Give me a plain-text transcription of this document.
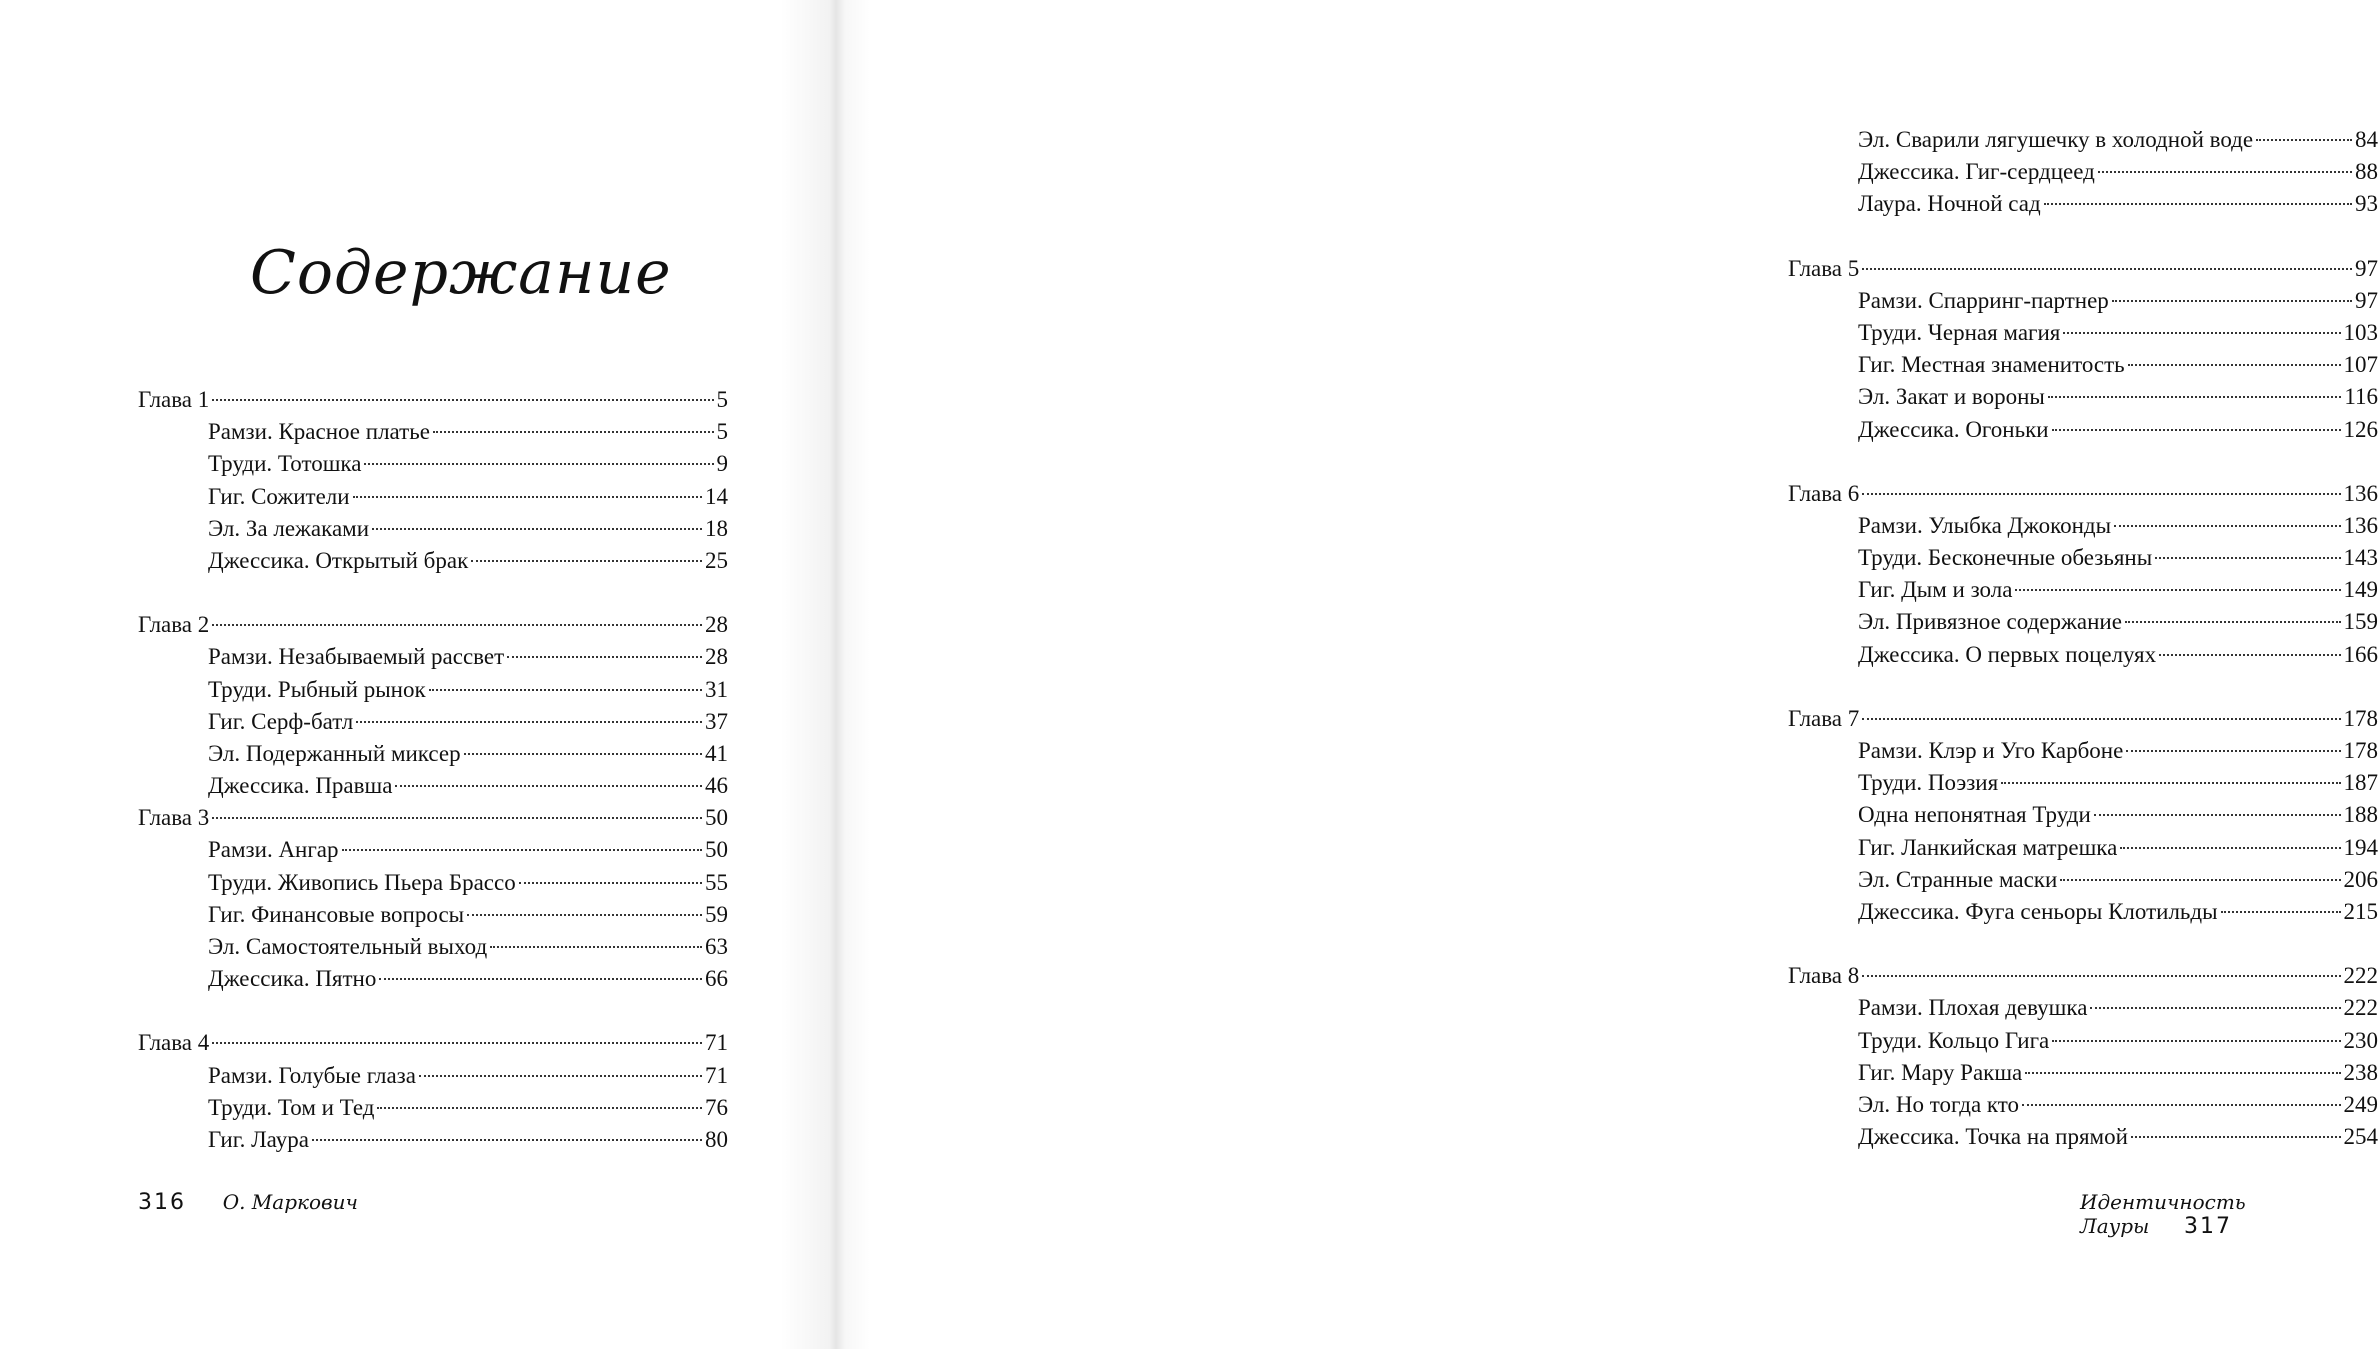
Содержание
Глава 1	5
Рамзи. Красное платье	5
Труди. Тотошка	9
Гиг. Сожители	14
Эл. За лежаками	18
Джессика. Открытый брак	25
Глава 2	28
Рамзи. Незабываемый рассвет	28
Труди. Рыбный рынок	31
Гиг. Серф-батл	37
Эл. Подержанный миксер	41
Джессика. Правша	46
Глава 3	50
Рамзи. Ангар	50
Труди. Живопись Пьера Брассо	55
Гиг. Финансовые вопросы	59
Эл. Самостоятельный выход	63
Джессика. Пятно	66
Глава 4	71
Рамзи. Голубые глаза	71
Труди. Том и Тед	76
Гиг. Лаура	80
316 О. Маркович
Эл. Сварили лягушечку в холодной воде	84
Джессика. Гиг-сердцеед	88
Лаура. Ночной сад	93
Глава 5	97
Рамзи. Спарринг-партнер	97
Труди. Черная магия	103
Гиг. Местная знаменитость	107
Эл. Закат и вороны	116
Джессика. Огоньки	126
Глава 6	136
Рамзи. Улыбка Джоконды	136
Труди. Бесконечные обезьяны	143
Гиг. Дым и зола	149
Эл. Привязное содержание	159
Джессика. О первых поцелуях	166
Глава 7	178
Рамзи. Клэр и Уго Карбоне	178
Труди. Поэзия	187
Одна непонятная Труди	188
Гиг. Ланкийская матрешка	194
Эл. Странные маски	206
Джессика. Фуга сеньоры Клотильды	215
Глава 8	222
Рамзи. Плохая девушка	222
Труди. Кольцо Гига	230
Гиг. Мару Ракша	238
Эл. Но тогда кто	249
Джессика. Точка на прямой	254
Идентичность Лауры 317
